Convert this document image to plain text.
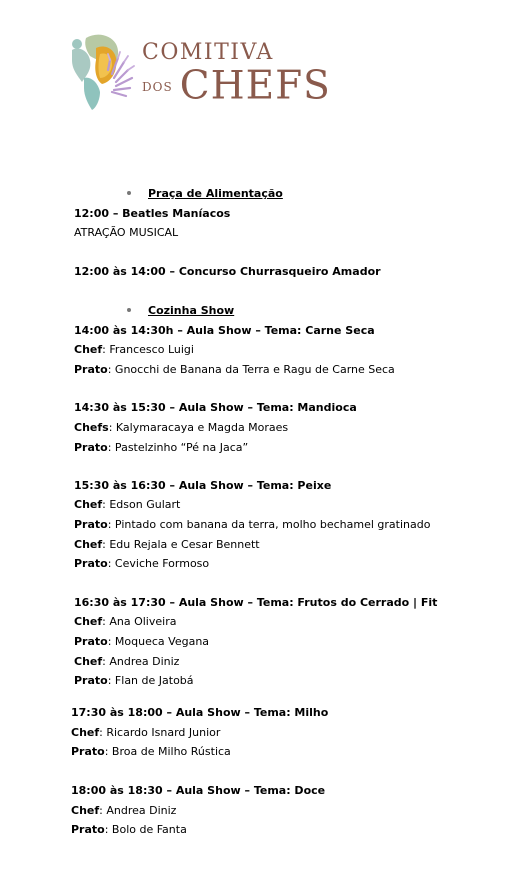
COMITIVA
DOS CHEFS
Praça de Alimentação
12:00 – Beatles Maníacos
ATRAÇÃO MUSICAL
12:00 às 14:00 – Concurso Churrasqueiro Amador
Cozinha Show
14:00 às 14:30h – Aula Show – Tema: Carne Seca
Chef: Francesco Luigi
Prato: Gnocchi de Banana da Terra e Ragu de Carne Seca
14:30 às 15:30 – Aula Show – Tema: Mandioca
Chefs: Kalymaracaya e Magda Moraes
Prato: Pastelzinho “Pé na Jaca”
15:30 às 16:30 – Aula Show – Tema: Peixe
Chef: Edson Gulart
Prato: Pintado com banana da terra, molho bechamel gratinado
Chef: Edu Rejala e Cesar Bennett
Prato: Ceviche Formoso
16:30 às 17:30 – Aula Show – Tema: Frutos do Cerrado | Fit
Chef: Ana Oliveira
Prato: Moqueca Vegana
Chef: Andrea Diniz
Prato: Flan de Jatobá
17:30 às 18:00 – Aula Show – Tema: Milho
Chef: Ricardo Isnard Junior
Prato: Broa de Milho Rústica
18:00 às 18:30 – Aula Show – Tema: Doce
Chef: Andrea Diniz
Prato: Bolo de Fanta
